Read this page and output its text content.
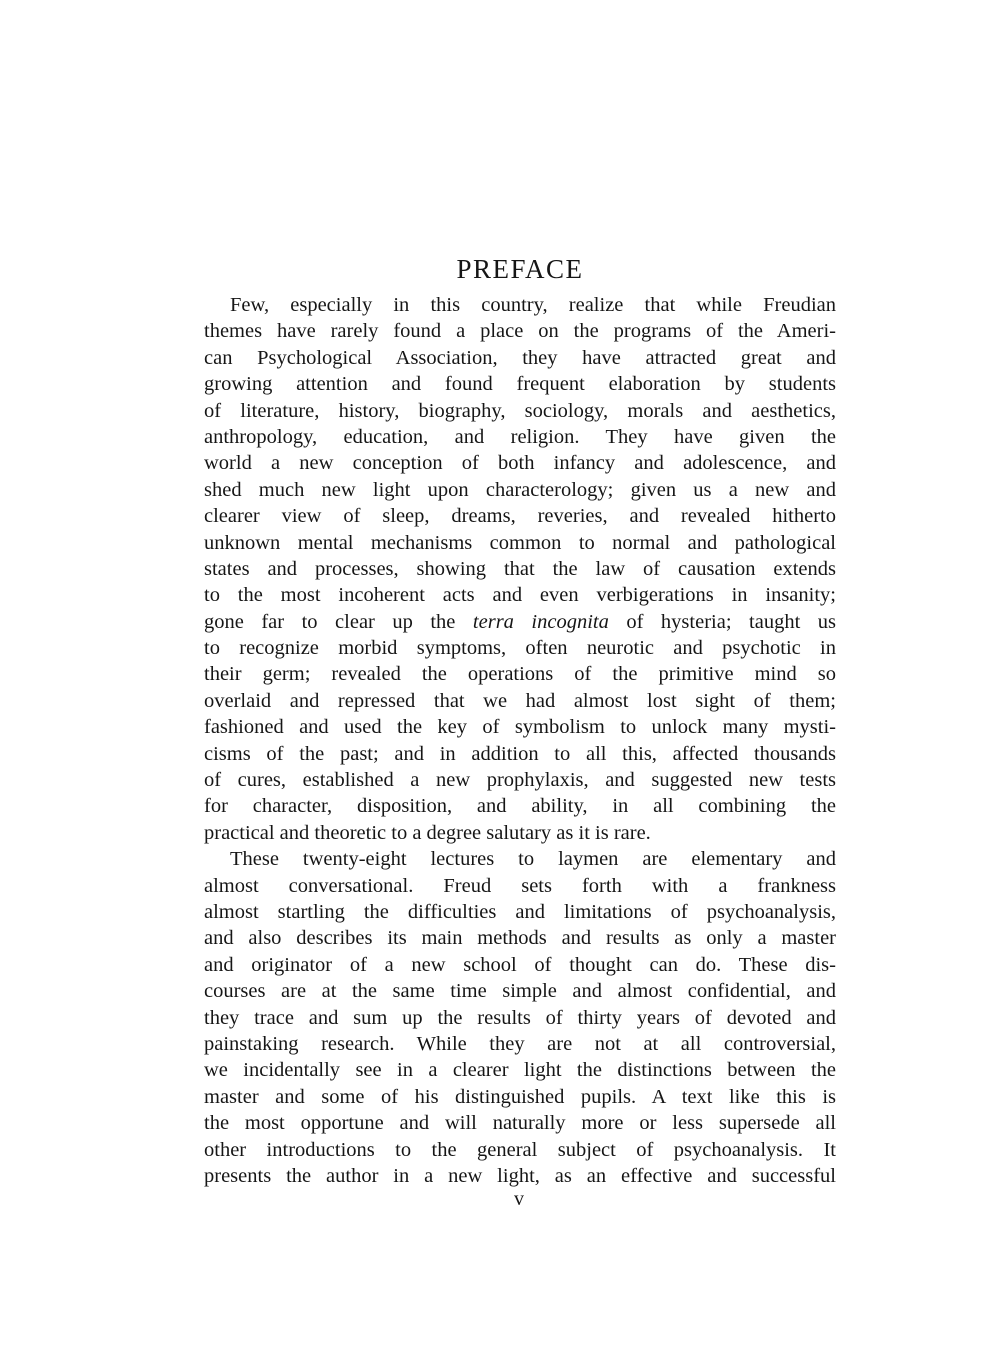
PREFACE
Few, especially in this country, realize that while Freudian
themes have rarely found a place on the programs of the Ameri-
can Psychological Association, they have attracted great and
growing attention and found frequent elaboration by students
of literature, history, biography, sociology, morals and aesthetics,
anthropology, education, and religion. They have given the
world a new conception of both infancy and adolescence, and
shed much new light upon characterology; given us a new and
clearer view of sleep, dreams, reveries, and revealed hitherto
unknown mental mechanisms common to normal and pathological
states and processes, showing that the law of causation extends
to the most incoherent acts and even verbigerations in insanity;
gone far to clear up the terra incognita of hysteria; taught us
to recognize morbid symptoms, often neurotic and psychotic in
their germ; revealed the operations of the primitive mind so
overlaid and repressed that we had almost lost sight of them;
fashioned and used the key of symbolism to unlock many mysti-
cisms of the past; and in addition to all this, affected thousands
of cures, established a new prophylaxis, and suggested new tests
for character, disposition, and ability, in all combining the
practical and theoretic to a degree salutary as it is rare.
These twenty-eight lectures to laymen are elementary and
almost conversational. Freud sets forth with a frankness
almost startling the difficulties and limitations of psychoanalysis,
and also describes its main methods and results as only a master
and originator of a new school of thought can do. These dis-
courses are at the same time simple and almost confidential, and
they trace and sum up the results of thirty years of devoted and
painstaking research. While they are not at all controversial,
we incidentally see in a clearer light the distinctions between the
master and some of his distinguished pupils. A text like this is
the most opportune and will naturally more or less supersede all
other introductions to the general subject of psychoanalysis. It
presents the author in a new light, as an effective and successful
v
